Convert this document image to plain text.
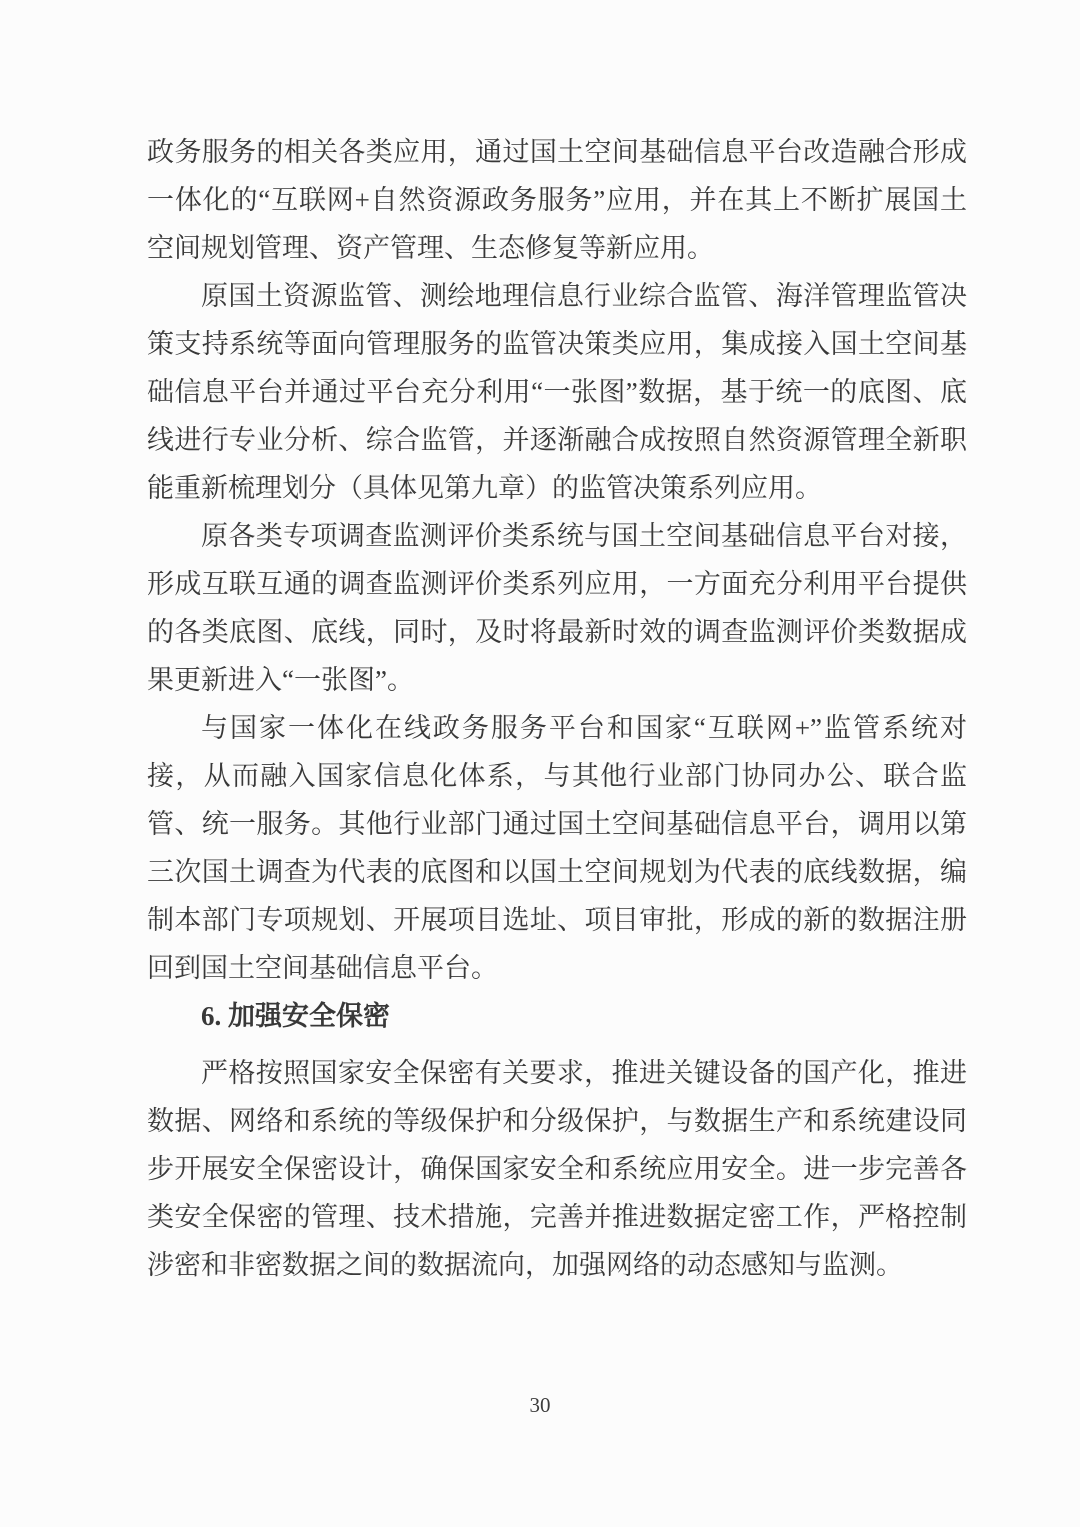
政务服务的相关各类应用，通过国土空间基础信息平台改造融合形成一体化的“互联网+自然资源政务服务”应用，并在其上不断扩展国土空间规划管理、资产管理、生态修复等新应用。

原国土资源监管、测绘地理信息行业综合监管、海洋管理监管决策支持系统等面向管理服务的监管决策类应用，集成接入国土空间基础信息平台并通过平台充分利用“一张图”数据，基于统一的底图、底线进行专业分析、综合监管，并逐渐融合成按照自然资源管理全新职能重新梳理划分（具体见第九章）的监管决策系列应用。

原各类专项调查监测评价类系统与国土空间基础信息平台对接，形成互联互通的调查监测评价类系列应用，一方面充分利用平台提供的各类底图、底线，同时，及时将最新时效的调查监测评价类数据成果更新进入“一张图”。

与国家一体化在线政务服务平台和国家“互联网+”监管系统对接，从而融入国家信息化体系，与其他行业部门协同办公、联合监管、统一服务。其他行业部门通过国土空间基础信息平台，调用以第三次国土调查为代表的底图和以国土空间规划为代表的底线数据，编制本部门专项规划、开展项目选址、项目审批，形成的新的数据注册回到国土空间基础信息平台。

6. 加强安全保密

严格按照国家安全保密有关要求，推进关键设备的国产化，推进数据、网络和系统的等级保护和分级保护，与数据生产和系统建设同步开展安全保密设计，确保国家安全和系统应用安全。进一步完善各类安全保密的管理、技术措施，完善并推进数据定密工作，严格控制涉密和非密数据之间的数据流向，加强网络的动态感知与监测。

30
